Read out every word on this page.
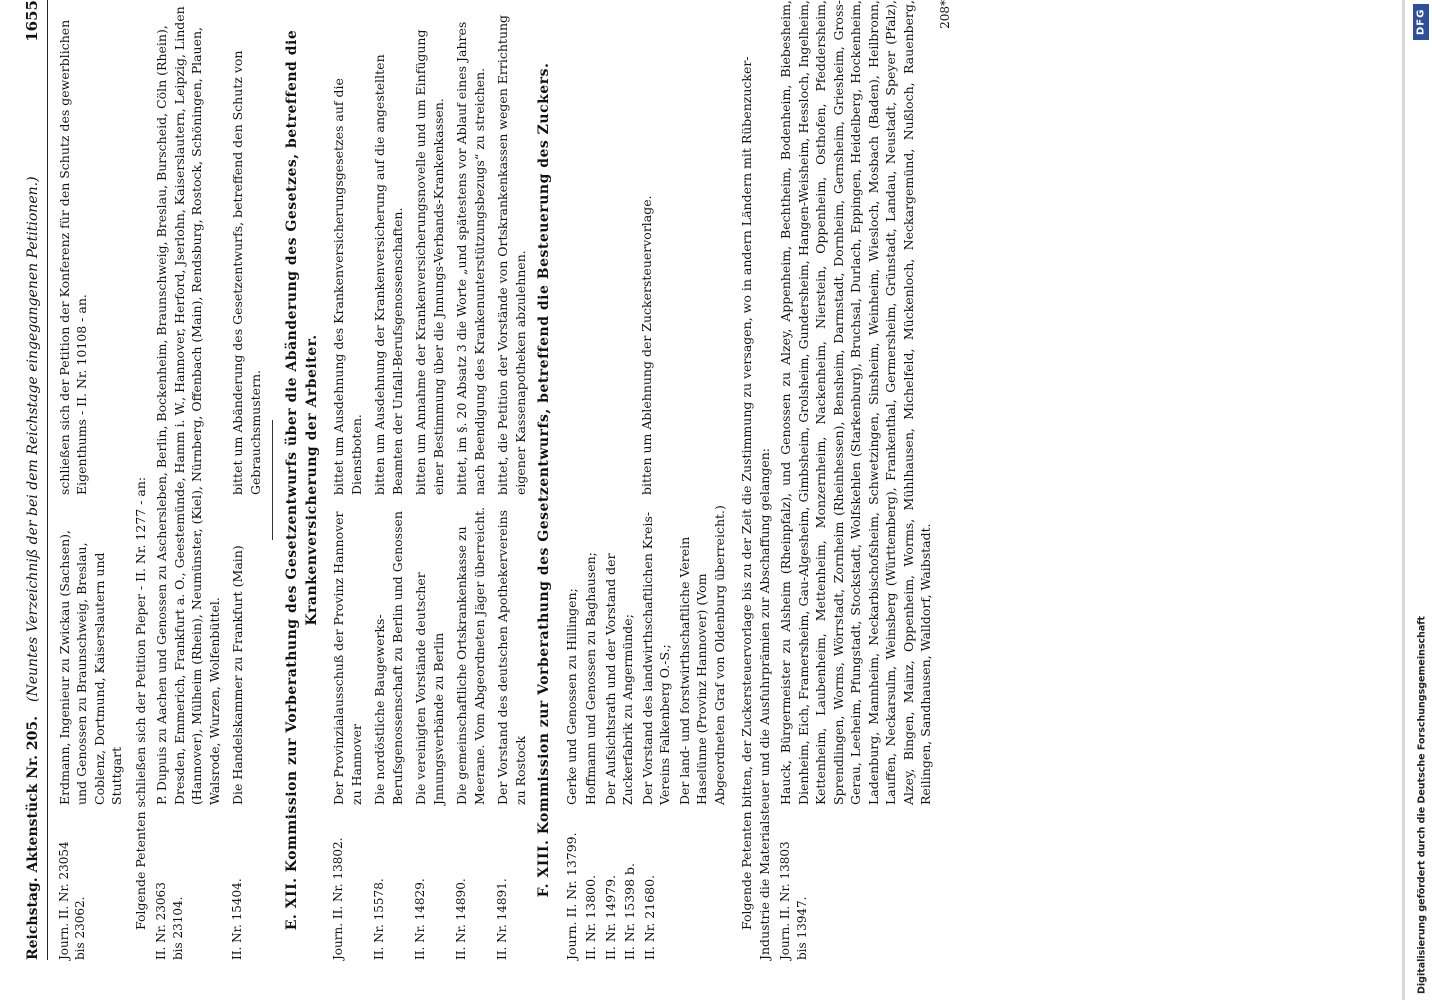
DFG
Digitalisierung gefördert durch die Deutsche Forschungsgemeinschaft
Reichstag. Aktenstück Nr. 205.
(Neuntes Verzeichniß der bei dem Reichstage eingegangenen Petitionen.)
1655
Journ. II. Nr. 23054
bis 23062.
Erdmann, Ingenieur zu Zwickau (Sachsen), und Genossen zu Braunschweig, Breslau, Coblenz, Dortmund, Kaiserslautern und Stuttgart
schließen sich der Petition der Konferenz für den Schutz des gewerblichen Eigenthums - II. Nr. 10108 - an.
Folgende Petenten schließen sich der Petition Pieper - II. Nr. 1277 - an:
II. Nr. 23063
bis 23104.
P. Dupuis zu Aachen und Genossen zu Aschersleben, Berlin, Bockenheim, Braunschweig, Breslau, Burscheid, Cöln (Rhein), Dresden, Emmerich, Frankfurt a. O., Geestemünde, Hamm i. W., Hannover, Herford, Jserlohn, Kaiserslautern, Leipzig, Linden (Hannover), Mülheim (Rhein), Neumünster, (Kiel), Nürnberg, Offenbach (Main), Rendsburg, Rostock, Schöningen, Plauen, Walsrode, Wurzen, Wolfenbüttel.
II. Nr. 15404.
Die Handelskammer zu Frankfurt (Main)
bittet um Abänderung des Gesetzentwurfs, betreffend den Schutz von Gebrauchsmustern. E. XII. Kommission zur Vorberathung des Gesetzentwurfs über die Abänderung des Gesetzes, betreffend die Krankenversicherung der Arbeiter.
Journ. II. Nr. 13802.
Der Provinzialausschuß der Provinz Hannover zu Hannover
bittet um Ausdehnung des Krankenversicherungsgesetzes auf die Dienstboten.
II. Nr. 15578.
Die nordöstliche Baugewerks-Berufsgenossenschaft zu Berlin und Genossen
bitten um Ausdehnung der Krankenversicherung auf die angestellten Beamten der Unfall-Berufsgenossenschaften.
II. Nr. 14829.
Die vereinigten Vorstände deutscher Jnnungsverbände zu Berlin
bitten um Annahme der Krankenversicherungsnovelle und um Einfügung einer Bestimmung über die Jnnungs-Verbands-Krankenkassen.
II. Nr. 14890.
Die gemeinschaftliche Ortskrankenkasse zu Meerane. Vom Abgeordneten Jäger überreicht.
bittet, im §. 20 Absatz 3 die Worte „und spätestens vor Ablauf eines Jahres nach Beendigung des Krankenunterstützungsbezugs“ zu streichen.
II. Nr. 14891.
Der Vorstand des deutschen Apothekervereins zu Rostock
bittet, die Petition der Vorstände von Ortskrankenkassen wegen Errichtung eigener Kassenapotheken abzulehnen. F. XIII. Kommission zur Vorberathung des Gesetzentwurfs, betreffend die Besteuerung des Zuckers. Journ. II. Nr. 13799. II. Nr. 13800. II. Nr. 14979. II. Nr. 15398 b. II. Nr. 21680.
Gerke und Genossen zu Hillingen; Hoffmann und Genossen zu Baghausen; Der Aufsichtsrath und der Vorstand der Zuckerfabrik zu Angermünde; Der Vorstand des landwirthschaftlichen Kreis-Vereins Falkenberg O.-S.; Der land- und forstwirthschaftliche Verein Haselünne (Provinz Hannover) (Vom Abgeordneten Graf von Oldenburg überreicht.)
bitten um Ablehnung der Zuckersteuervorlage.	Folgende Petenten bitten, der Zuckersteuervorlage bis zu der Zeit die Zustimmung zu versagen, wo in andern Ländern mit Rübenzucker-Jndustrie die Materialsteuer und die Ausfuhrprämien zur Abschaffung gelangen: Journ. II. Nr. 13803
bis 13947.
Hauck, Bürgermeister zu Alsheim (Rheinpfalz), und Genossen zu Alzey, Appenheim, Bechtheim, Bodenheim, Biebesheim, Dienheim, Eich, Framersheim, Gau-Algesheim, Gimbsheim, Grolsheim, Gundersheim, Hangen-Weisheim, Hessloch, Ingelheim, Kettenheim, Laubenheim, Mettenheim, Monzernheim, Nackenheim, Nierstein, Oppenheim, Osthofen, Pfeddersheim, Sprendlingen, Worms, Wörrstadt, Zornheim (Rheinhessen), Bensheim, Darmstadt, Dornheim, Gernsheim, Griesheim, Gross-Gerau, Leeheim, Pfungstadt, Stockstadt, Wolfskehlen (Starkenburg), Bruchsal, Durlach, Eppingen, Heidelberg, Hockenheim, Ladenburg, Mannheim, Neckarbischofsheim, Schwetzingen, Sinsheim, Weinheim, Wiesloch, Mosbach (Baden), Heilbronn, Lauffen, Neckarsulm, Weinsberg (Württemberg), Frankenthal, Germersheim, Grünstadt, Landau, Neustadt, Speyer (Pfalz), Alzey, Bingen, Mainz, Oppenheim, Worms, Mühlhausen, Michelfeld, Mückenloch, Neckargemünd, Nußloch, Rauenberg, Reilingen, Sandhausen, Walldorf, Waibstadt.
208*
